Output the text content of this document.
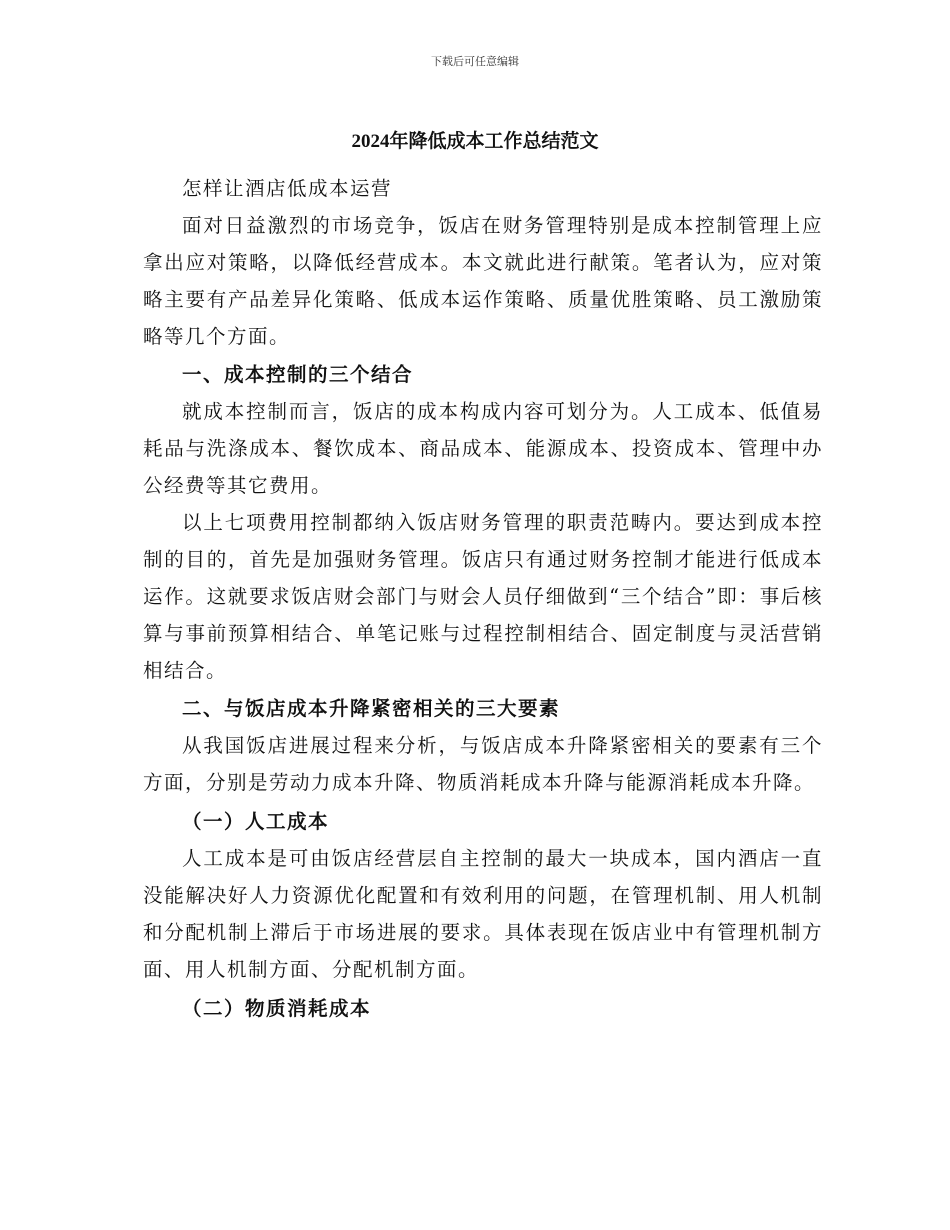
下载后可任意编辑
2024年降低成本工作总结范文

怎样让酒店低成本运营

面对日益激烈的市场竞争，饭店在财务管理特别是成本控制管理上应拿出应对策略，以降低经营成本。本文就此进行献策。笔者认为，应对策略主要有产品差异化策略、低成本运作策略、质量优胜策略、员工激励策略等几个方面。

一、成本控制的三个结合

就成本控制而言，饭店的成本构成内容可划分为。人工成本、低值易耗品与洗涤成本、餐饮成本、商品成本、能源成本、投资成本、管理中办公经费等其它费用。

以上七项费用控制都纳入饭店财务管理的职责范畴内。要达到成本控制的目的，首先是加强财务管理。饭店只有通过财务控制才能进行低成本运作。这就要求饭店财会部门与财会人员仔细做到“三个结合”即：事后核算与事前预算相结合、单笔记账与过程控制相结合、固定制度与灵活营销相结合。

二、与饭店成本升降紧密相关的三大要素

从我国饭店进展过程来分析，与饭店成本升降紧密相关的要素有三个方面，分别是劳动力成本升降、物质消耗成本升降与能源消耗成本升降。

（一）人工成本

人工成本是可由饭店经营层自主控制的最大一块成本，国内酒店一直没能解决好人力资源优化配置和有效利用的问题，在管理机制、用人机制和分配机制上滞后于市场进展的要求。具体表现在饭店业中有管理机制方面、用人机制方面、分配机制方面。

（二）物质消耗成本
